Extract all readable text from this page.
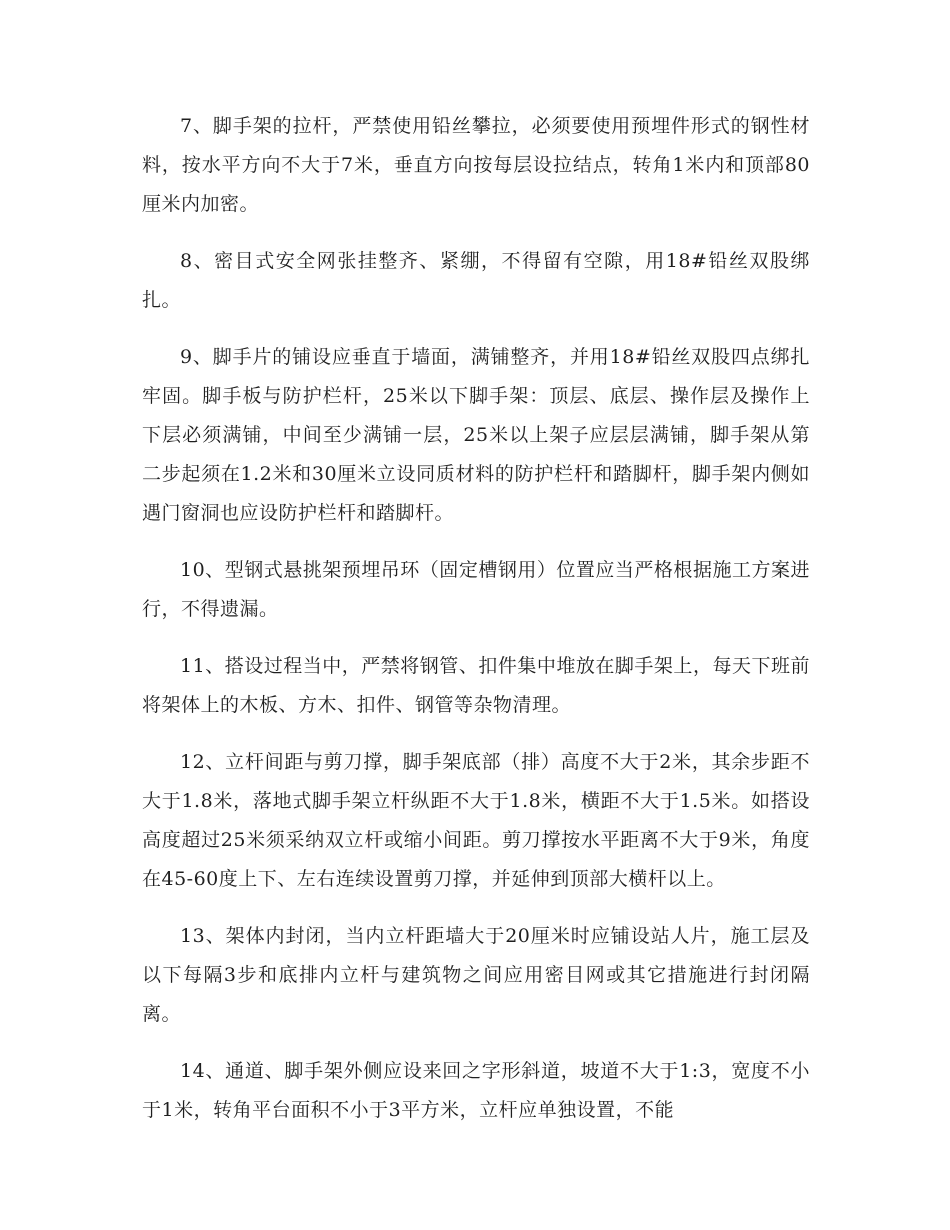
7、脚手架的拉杆，严禁使用铅丝攀拉，必须要使用预埋件形式的钢性材料，按水平方向不大于7米，垂直方向按每层设拉结点，转角1米内和顶部80厘米内加密。

8、密目式安全网张挂整齐、紧绷，不得留有空隙，用18#铅丝双股绑扎。

9、脚手片的铺设应垂直于墙面，满铺整齐，并用18#铅丝双股四点绑扎牢固。脚手板与防护栏杆，25米以下脚手架：顶层、底层、操作层及操作上下层必须满铺，中间至少满铺一层，25米以上架子应层层满铺，脚手架从第二步起须在1.2米和30厘米立设同质材料的防护栏杆和踏脚杆，脚手架内侧如遇门窗洞也应设防护栏杆和踏脚杆。

10、型钢式悬挑架预埋吊环（固定槽钢用）位置应当严格根据施工方案进行，不得遗漏。

11、搭设过程当中，严禁将钢管、扣件集中堆放在脚手架上，每天下班前将架体上的木板、方木、扣件、钢管等杂物清理。

12、立杆间距与剪刀撑，脚手架底部（排）高度不大于2米，其余步距不大于1.8米，落地式脚手架立杆纵距不大于1.8米，横距不大于1.5米。如搭设高度超过25米须采纳双立杆或缩小间距。剪刀撑按水平距离不大于9米，角度在45-60度上下、左右连续设置剪刀撑，并延伸到顶部大横杆以上。

13、架体内封闭，当内立杆距墙大于20厘米时应铺设站人片，施工层及以下每隔3步和底排内立杆与建筑物之间应用密目网或其它措施进行封闭隔离。

14、通道、脚手架外侧应设来回之字形斜道，坡道不大于1:3，宽度不小于1米，转角平台面积不小于3平方米，立杆应单独设置，不能
